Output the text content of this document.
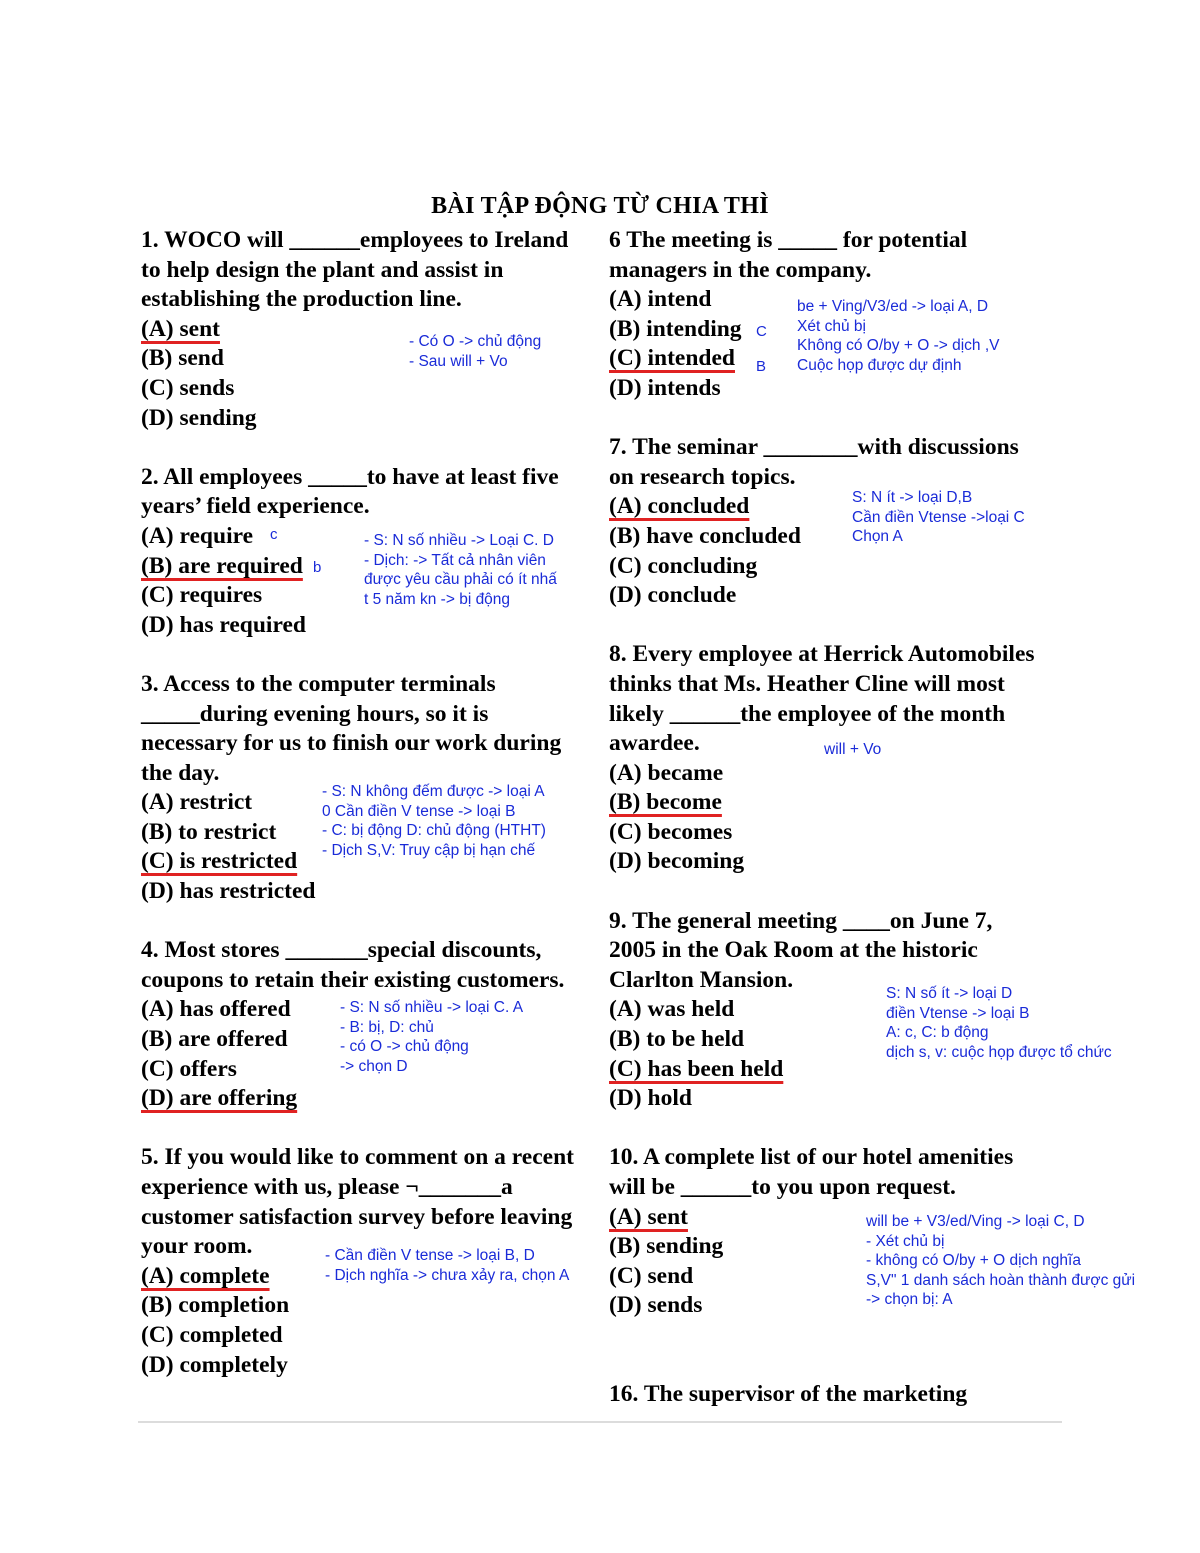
BÀI TẬP ĐỘNG TỪ CHIA THÌ
1. WOCO will ______employees to Ireland
to help design the plant and assist in
establishing the production line.
(A) sent
(B) send
(C) sends
(D) sending
2. All employees _____to have at least five
years’ field experience.
(A) require
(B) are required
(C) requires
(D) has required
3. Access to the computer terminals
_____during evening hours, so it is
necessary for us to finish our work during
the day.
(A) restrict
(B) to restrict
(C) is restricted
(D) has restricted
4. Most stores _______special discounts,
coupons to retain their existing customers.
(A) has offered
(B) are offered
(C) offers
(D) are offering
5. If you would like to comment on a recent
experience with us, please ¬_______a
customer satisfaction survey before leaving
your room.
(A) complete
(B) completion
(C) completed
(D) completely
6 The meeting is _____ for potential
managers in the company.
(A) intend
(B) intending
(C) intended
(D) intends
7. The seminar ________with discussions
on research topics.
(A) concluded
(B) have concluded
(C) concluding
(D) conclude
8. Every employee at Herrick Automobiles
thinks that Ms. Heather Cline will most
likely ______the employee of the month
awardee.
(A) became
(B) become
(C) becomes
(D) becoming
9. The general meeting ____on June 7,
2005 in the Oak Room at the historic
Clarlton Mansion.
(A) was held
(B) to be held
(C) has been held
(D) hold
10. A complete list of our hotel amenities
will be ______to you upon request.
(A) sent
(B) sending
(C) send
(D) sends
16. The supervisor of the marketing
- Có O -> chủ động
- Sau will + Vo
c
b
- S: N số nhiều -> Loại C. D
- Dịch: -> Tất cả nhân viên
được yêu cầu phải có ít nhấ
t 5 năm kn -> bị động
- S: N không đếm được -> loại A
0 Cần điền V tense -> loại B
- C: bị động D: chủ động (HTHT)
- Dịch S,V: Truy cập bị hạn chế
- S: N số nhiều -> loại C. A
- B: bị, D: chủ
- có O -> chủ động
-> chọn D
- Cần điền V tense -> loại B, D
- Dịch nghĩa -> chưa xảy ra, chọn A
C
B
be + Ving/V3/ed -> loại A, D
Xét chủ bị
Không có O/by + O -> dịch ,V
Cuộc họp được dự định
S: N ít -> loại D,B
Cần điền Vtense ->loại C
Chọn A
will + Vo
S: N số ít -> loại D
điền Vtense -> loại B
A: c, C: b động
dịch s, v: cuộc họp được tổ chức
will be + V3/ed/Ving -> loại C, D
- Xét chủ bị
- không có O/by + O dịch nghĩa
S,V" 1 danh sách hoàn thành được gửi
-> chọn bị: A
